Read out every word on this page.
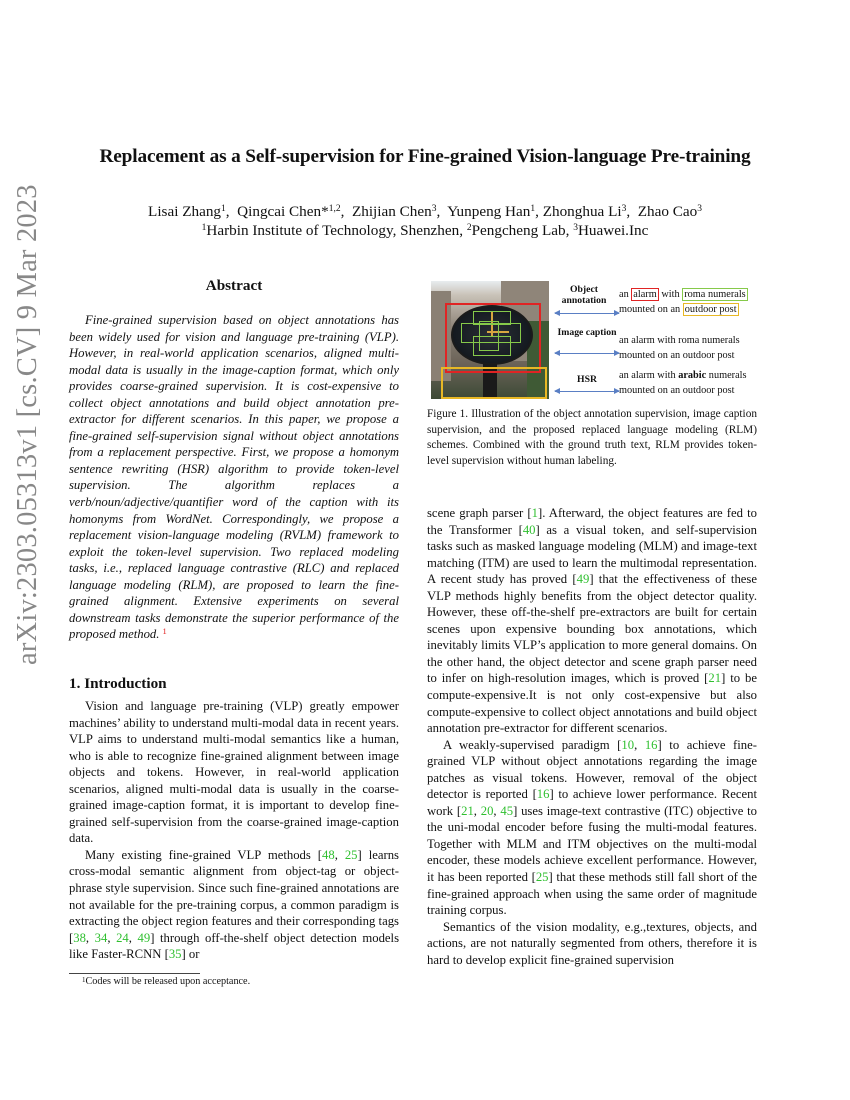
arXiv:2303.05313v1 [cs.CV] 9 Mar 2023
Replacement as a Self-supervision for Fine-grained Vision-language Pre-training
Lisai Zhang$^1$,  Qingcai Chen*$^{1,2}$,  Zhijian Chen$^3$,  Yunpeng Han$^1$, Zhonghua Li$^3$,  Zhao Cao$^3$
$^1$Harbin Institute of Technology, Shenzhen, $^2$Pengcheng Lab, $^3$Huawei.Inc
Abstract

Fine-grained supervision based on object annotations has been widely used for vision and language pre-training (VLP). However, in real-world application scenarios, aligned multi-modal data is usually in the image-caption format, which only provides coarse-grained supervision. It is cost-expensive to collect object annotations and build object annotation pre-extractor for different scenarios. In this paper, we propose a fine-grained self-supervision signal without object annotations from a replacement perspective. First, we propose a homonym sentence rewriting (HSR) algorithm to provide token-level supervision. The algorithm replaces a verb/noun/adjective/quantifier word of the caption with its homonyms from WordNet. Correspondingly, we propose a replacement vision-language modeling (RVLM) framework to exploit the token-level supervision. Two replaced modeling tasks, i.e., replaced language contrastive (RLC) and replaced language modeling (RLM), are proposed to learn the fine-grained alignment. Extensive experiments on several downstream tasks demonstrate the superior performance of the proposed method. $^1$

1. Introduction

Vision and language pre-training (VLP) greatly empower machines’ ability to understand multi-modal data in recent years. VLP aims to understand multi-modal semantics like a human, who is able to recognize fine-grained alignment between image objects and tokens. However, in real-world application scenarios, aligned multi-modal data is usually in the coarse-grained image-caption format, it is important to develop fine-grained self-supervision from the coarse-grained image-caption data.

Many existing fine-grained VLP methods [48, 25] learns cross-modal semantic alignment from object-tag or object-phrase style supervision. Since such fine-grained annotations are not available for the pre-training corpus, a common paradigm is extracting the object region features and their corresponding tags [38, 34, 24, 49] through off-the-shelf object detection models like Faster-RCNN [35] or

$^1$Codes will be released upon acceptance.
Object annotation
an alarm with roma numerals
mounted on an outdoor post
Image caption
an alarm with roma numerals
mounted on an outdoor post
HSR	an alarm with arabic numerals
mounted on an outdoor post
Figure 1. Illustration of the object annotation supervision, image caption supervision, and the proposed replaced language modeling (RLM) schemes. Combined with the ground truth text, RLM provides token-level supervision without human labeling.

scene graph parser [1]. Afterward, the object features are fed to the Transformer [40] as a visual token, and self-supervision tasks such as masked language modeling (MLM) and image-text matching (ITM) are used to learn the multimodal representation. A recent study has proved [49] that the effectiveness of these VLP methods highly benefits from the object detector quality. However, these off-the-shelf pre-extractors are built for certain scenes upon expensive bounding box annotations, which inevitably limits VLP’s application to more general domains. On the other hand, the object detector and scene graph parser need to infer on high-resolution images, which is proved [21] to be compute-expensive.It is not only cost-expensive but also compute-expensive to collect object annotations and build object annotation pre-extractor for different scenarios.

A weakly-supervised paradigm [10, 16] to achieve fine-grained VLP without object annotations regarding the image patches as visual tokens. However, removal of the object detector is reported [16] to achieve lower performance. Recent work [21, 20, 45] uses image-text contrastive (ITC) objective to the uni-modal encoder before fusing the multi-modal features. Together with MLM and ITM objectives on the multi-modal encoder, these models achieve excellent performance. However, it has been reported [25] that these methods still fall short of the fine-grained approach when using the same order of magnitude training corpus.

Semantics of the vision modality, e.g.,textures, objects, and actions, are not naturally segmented from others, therefore it is hard to develop explicit fine-grained supervision
